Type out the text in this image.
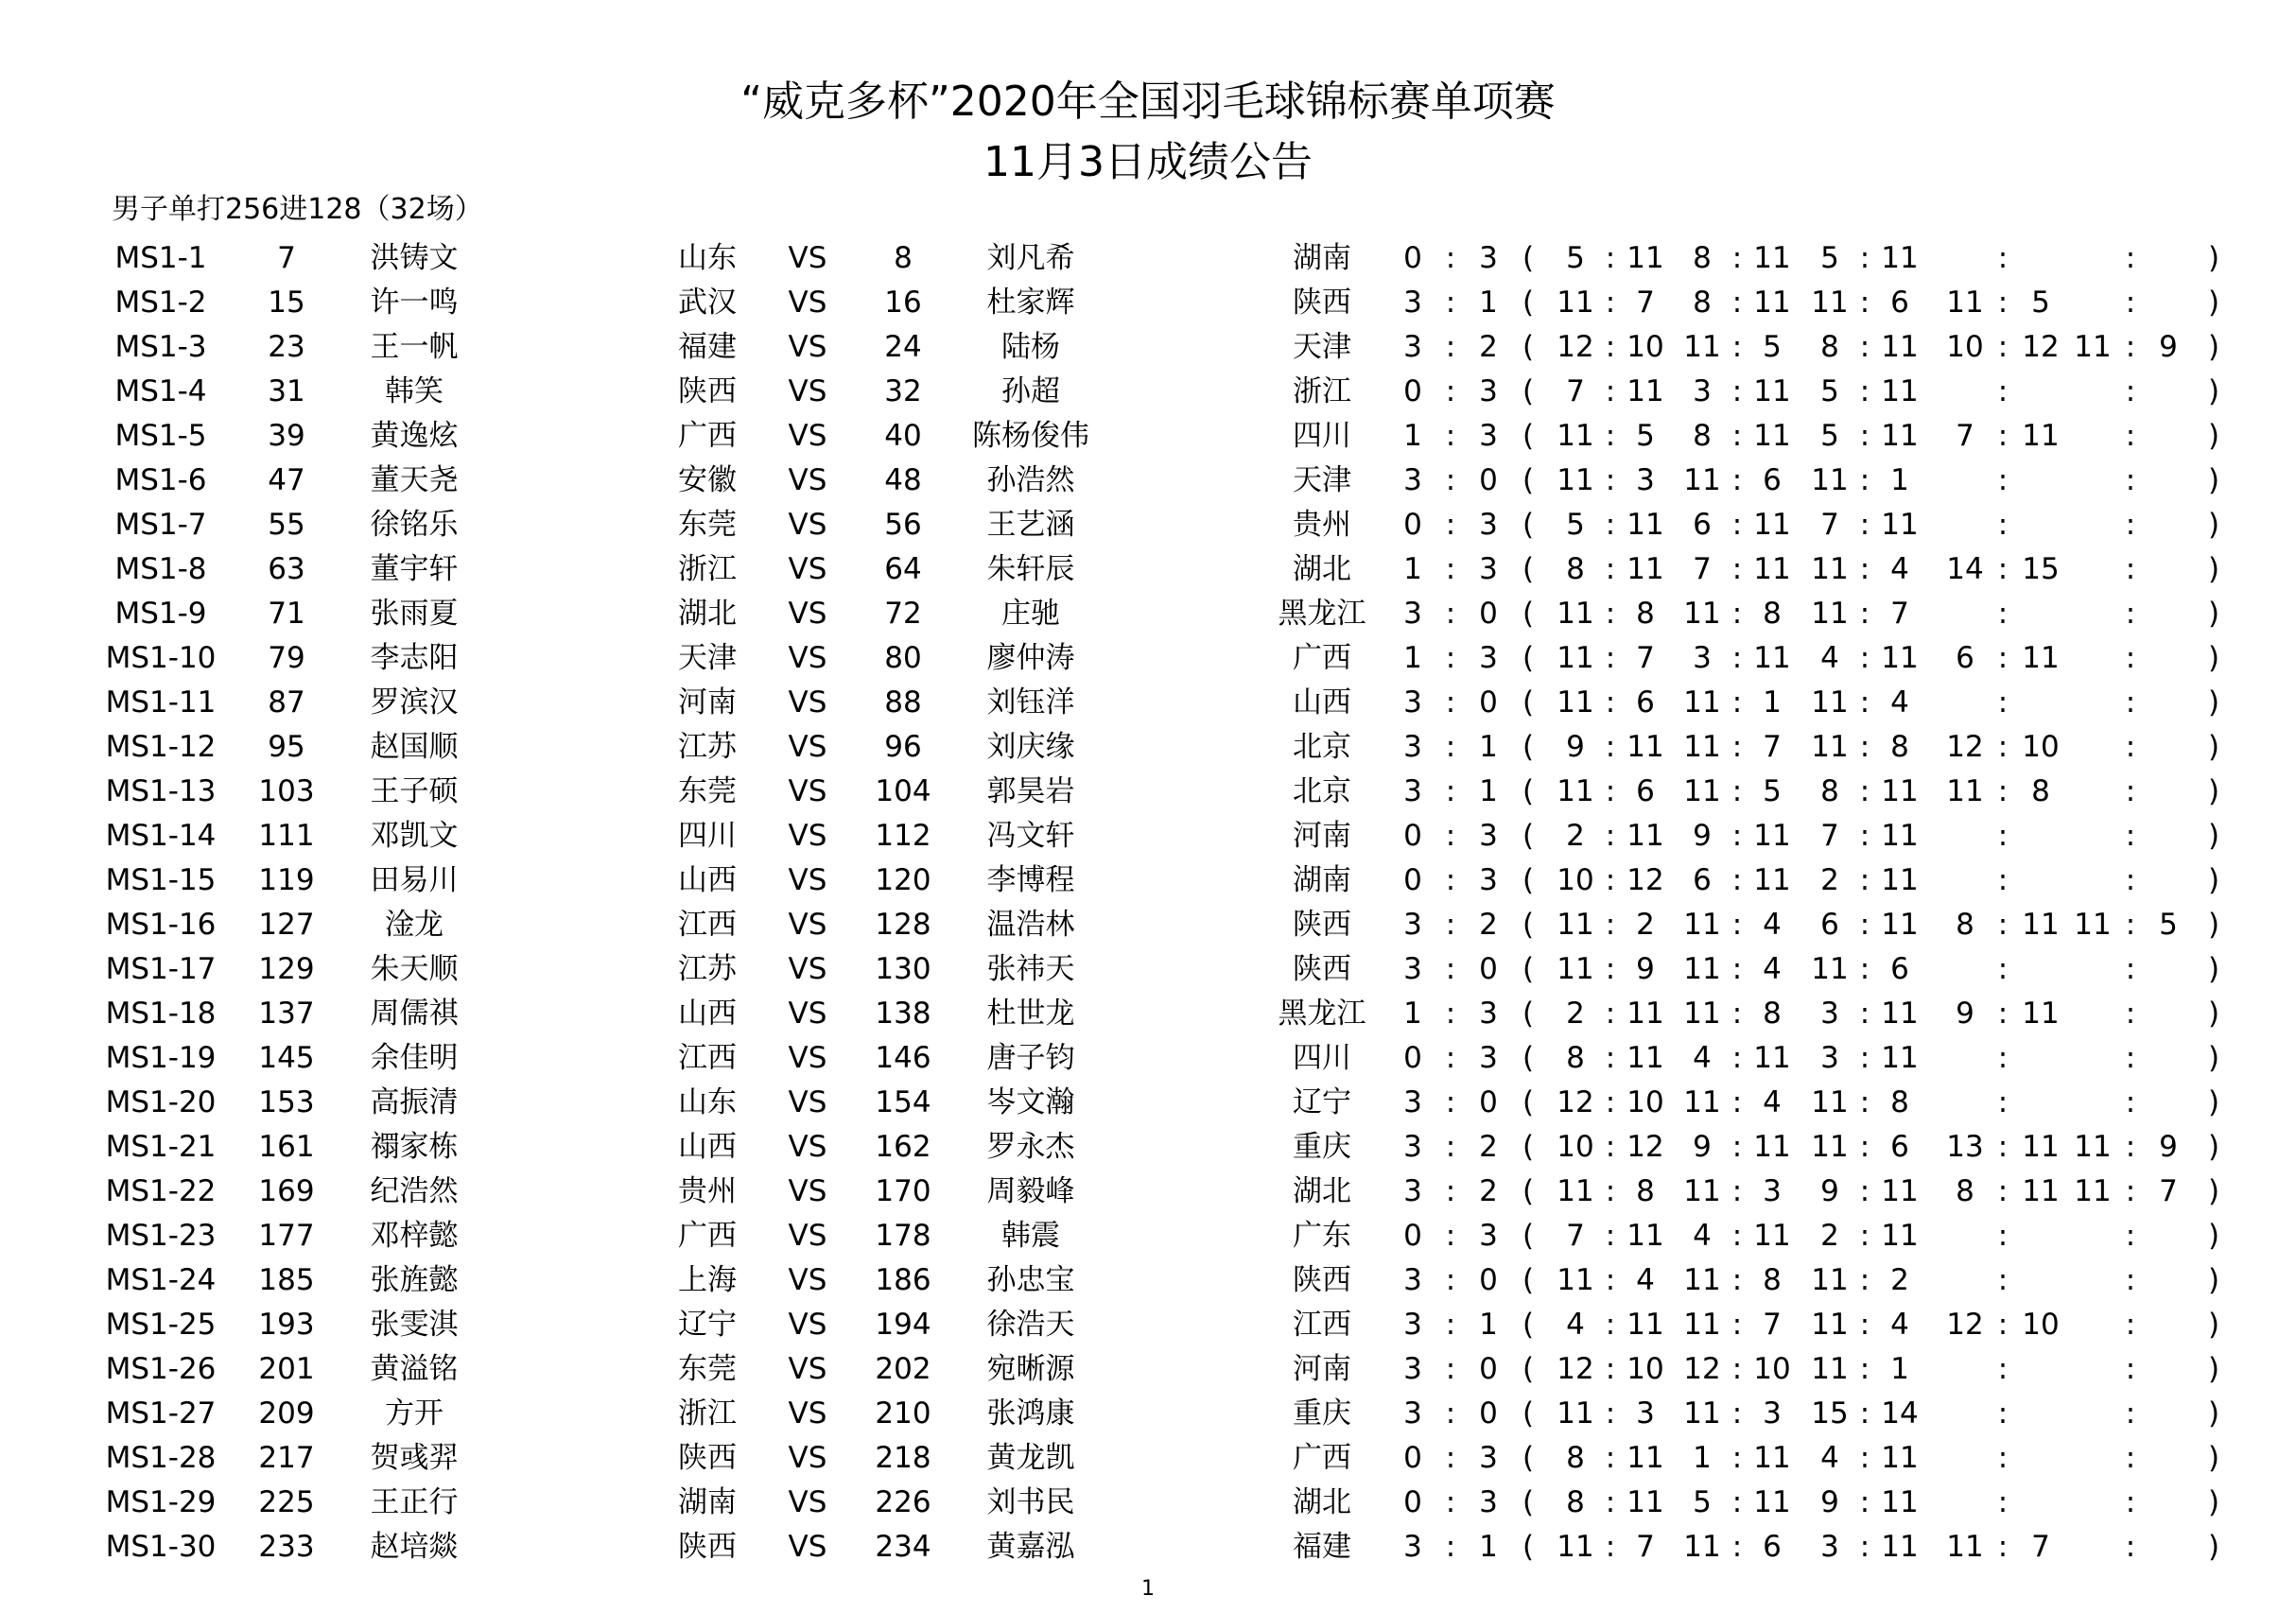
“威克多杯”2020年全国羽毛球锦标赛单项赛
11月3日成绩公告
男子单打256进128（32场）
MS1-1 7	洪铸文	山东 VS 8	刘凡希	湖南 0 : 3 ( 5 : 11 8 : 11 5 : 11	:	: )
MS1-2 15 许一鸣	武汉 VS 16 杜家辉	陕西 3 : 1 ( 11 : 7 8 : 11 11 : 6 11 : 5	: )
MS1-3 23 王一帆	福建 VS 24	陆杨	天津 3 : 2 ( 12 : 10 11 : 5 8 : 11 10 : 12 11 : 9 )
MS1-4 31	韩笑	陕西 VS 32	孙超	浙江 0 : 3 ( 7 : 11 3 : 11 5 : 11	:	: )
MS1-5 39 黄逸炫	广西 VS 40 陈杨俊伟	四川 1 : 3 ( 11 : 5 8 : 11 5 : 11 7 : 11 : )
MS1-6 47 董天尧	安徽 VS 48 孙浩然	天津 3 : 0 ( 11 : 3 11 : 6 11 : 1	:	: )
MS1-7 55 徐铭乐	东莞 VS 56 王艺涵	贵州 0 : 3 ( 5 : 11 6 : 11 7 : 11	:	: )
MS1-8 63 董宇轩	浙江 VS 64 朱轩辰	湖北 1 : 3 ( 8 : 11 7 : 11 11 : 4 14 : 15 : )
MS1-9 71 张雨夏	湖北 VS 72	庄驰	黑龙江 3 : 0 ( 11 : 8 11 : 8 11 : 7	:	: )
MS1-10 79 李志阳	天津 VS 80 廖仲涛	广西 1 : 3 ( 11 : 7 3 : 11 4 : 11 6 : 11 : )
MS1-11 87 罗滨汉	河南 VS 88 刘钰洋	山西 3 : 0 ( 11 : 6 11 : 1 11 : 4	:	: )
MS1-12 95 赵国顺	江苏 VS 96 刘庆缘	北京 3 : 1 ( 9 : 11 11 : 7 11 : 8 12 : 10 : )
MS1-13 103 王子硕	东莞 VS 104 郭昊岩	北京 3 : 1 ( 11 : 6 11 : 5 8 : 11 11 : 8	: )
MS1-14 111 邓凯文	四川 VS 112 冯文轩	河南 0 : 3 ( 2 : 11 9 : 11 7 : 11	:	: )
MS1-15 119 田易川	山西 VS 120 李博程	湖南 0 : 3 ( 10 : 12 6 : 11 2 : 11	:	: )
MS1-16 127 淦龙	江西 VS 128 温浩林	陕西 3 : 2 ( 11 : 2 11 : 4 6 : 11 8 : 11 11 : 5 )
MS1-17 129 朱天顺	江苏 VS 130 张祎天	陕西 3 : 0 ( 11 : 9 11 : 4 11 : 6	:	: )
MS1-18 137 周儒祺	山西 VS 138 杜世龙	黑龙江 1 : 3 ( 2 : 11 11 : 8 3 : 11 9 : 11 : )
MS1-19 145 余佳明	江西 VS 146 唐子钧	四川 0 : 3 ( 8 : 11 4 : 11 3 : 11	:	: )
MS1-20 153 高振清	山东 VS 154 岑文瀚	辽宁 3 : 0 ( 12 : 10 11 : 4 11 : 8	:	: )
MS1-21 161 禤家栋	山西 VS 162 罗永杰	重庆 3 : 2 ( 10 : 12 9 : 11 11 : 6 13 : 11 11 : 9 )
MS1-22 169 纪浩然	贵州 VS 170 周毅峰	湖北 3 : 2 ( 11 : 8 11 : 3 9 : 11 8 : 11 11 : 7 )
MS1-23 177 邓梓懿	广西 VS 178 韩震	广东 0 : 3 ( 7 : 11 4 : 11 2 : 11	:	: )
MS1-24 185 张旌懿	上海 VS 186 孙忠宝	陕西 3 : 0 ( 11 : 4 11 : 8 11 : 2	:	: )
MS1-25 193 张雯淇	辽宁 VS 194 徐浩天	江西 3 : 1 ( 4 : 11 11 : 7 11 : 4 12 : 10 : )
MS1-26 201 黄溢铭	东莞 VS 202 宛晰源	河南 3 : 0 ( 12 : 10 12 : 10 11 : 1	:	: )
MS1-27 209 方开	浙江 VS 210 张鸿康	重庆 3 : 0 ( 11 : 3 11 : 3 15 : 14	:	: )
MS1-28 217 贺彧羿	陕西 VS 218 黄龙凯	广西 0 : 3 ( 8 : 11 1 : 11 4 : 11	:	: )
MS1-29 225 王正行	湖南 VS 226 刘书民	湖北 0 : 3 ( 8 : 11 5 : 11 9 : 11	:	: )
MS1-30 233 赵培燚	陕西 VS 234 黄嘉泓	福建 3 : 1 ( 11 : 7 11 : 6 3 : 11 11 : 7	: )
1
